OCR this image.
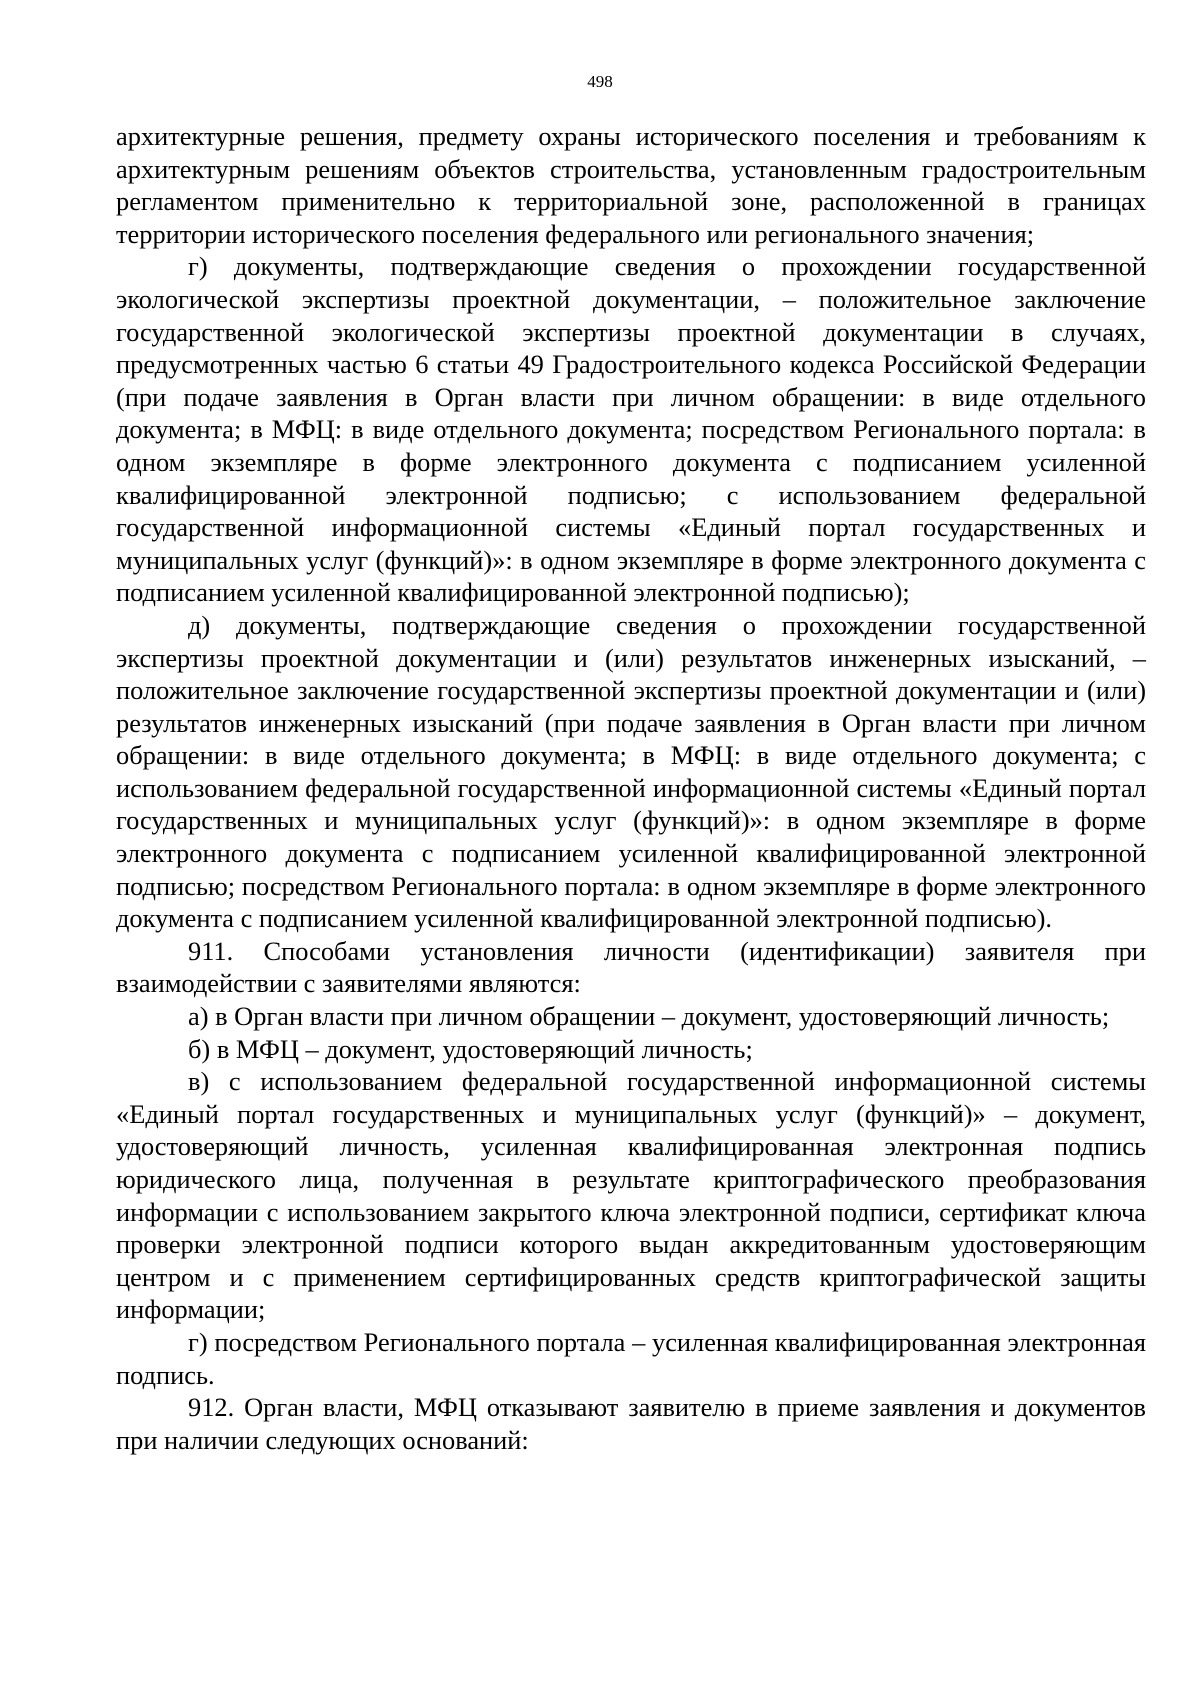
498

архитектурные решения, предмету охраны исторического поселения и требованиям к архитектурным решениям объектов строительства, установленным градостроительным регламентом применительно к территориальной зоне, расположенной в границах территории исторического поселения федерального или регионального значения;

г) документы, подтверждающие сведения о прохождении государственной экологической экспертизы проектной документации, – положительное заключение государственной экологической экспертизы проектной документации в случаях, предусмотренных частью 6 статьи 49 Градостроительного кодекса Российской Федерации (при подаче заявления в Орган власти при личном обращении: в виде отдельного документа; в МФЦ: в виде отдельного документа; посредством Регионального портала: в одном экземпляре в форме электронного документа с подписанием усиленной квалифицированной электронной подписью; с использованием федеральной государственной информационной системы «Единый портал государственных и муниципальных услуг (функций)»: в одном экземпляре в форме электронного документа с подписанием усиленной квалифицированной электронной подписью);

д) документы, подтверждающие сведения о прохождении государственной экспертизы проектной документации и (или) результатов инженерных изысканий, – положительное заключение государственной экспертизы проектной документации и (или) результатов инженерных изысканий (при подаче заявления в Орган власти при личном обращении: в виде отдельного документа; в МФЦ: в виде отдельного документа; с использованием федеральной государственной информационной системы «Единый портал государственных и муниципальных услуг (функций)»: в одном экземпляре в форме электронного документа с подписанием усиленной квалифицированной электронной подписью; посредством Регионального портала: в одном экземпляре в форме электронного документа с подписанием усиленной квалифицированной электронной подписью).

911. Способами установления личности (идентификации) заявителя при взаимодействии с заявителями являются:

а) в Орган власти при личном обращении – документ, удостоверяющий личность;

б) в МФЦ – документ, удостоверяющий личность;

в) с использованием федеральной государственной информационной системы «Единый портал государственных и муниципальных услуг (функций)» – документ, удостоверяющий личность, усиленная квалифицированная электронная подпись юридического лица, полученная в результате криптографического преобразования информации с использованием закрытого ключа электронной подписи, сертификат ключа проверки электронной подписи которого выдан аккредитованным удостоверяющим центром и с применением сертифицированных средств криптографической защиты информации;

г) посредством Регионального портала – усиленная квалифицированная электронная подпись.

912. Орган власти, МФЦ отказывают заявителю в приеме заявления и документов при наличии следующих оснований:
